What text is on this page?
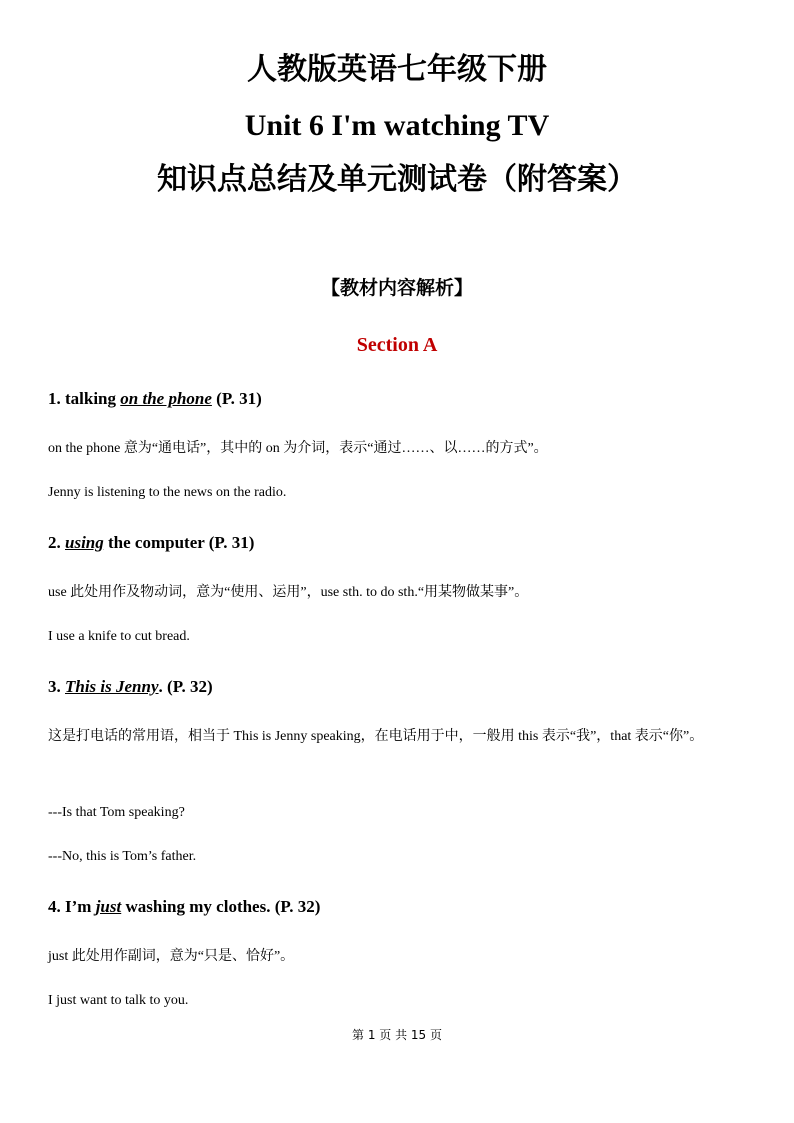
人教版英语七年级下册
Unit 6 I'm watching TV
知识点总结及单元测试卷（附答案）
【教材内容解析】
Section A
1. talking on the phone (P. 31)
on the phone 意为“通电话”，其中的 on 为介词，表示“通过……、以……的方式”。
Jenny is listening to the news on the radio.
2. using the computer (P. 31)
use 此处用作及物动词，意为“使用、运用”，use sth. to do sth.“用某物做某事”。
I use a knife to cut bread.
3. This is Jenny. (P. 32)
这是打电话的常用语，相当于 This is Jenny speaking，在电话用于中，一般用 this 表示“我”，that 表示“你”。
---Is that Tom speaking?
---No, this is Tom’s father.
4. I’m just washing my clothes. (P. 32)
just 此处用作副词，意为“只是、恰好”。
I just want to talk to you.
第 1 页 共 15 页
